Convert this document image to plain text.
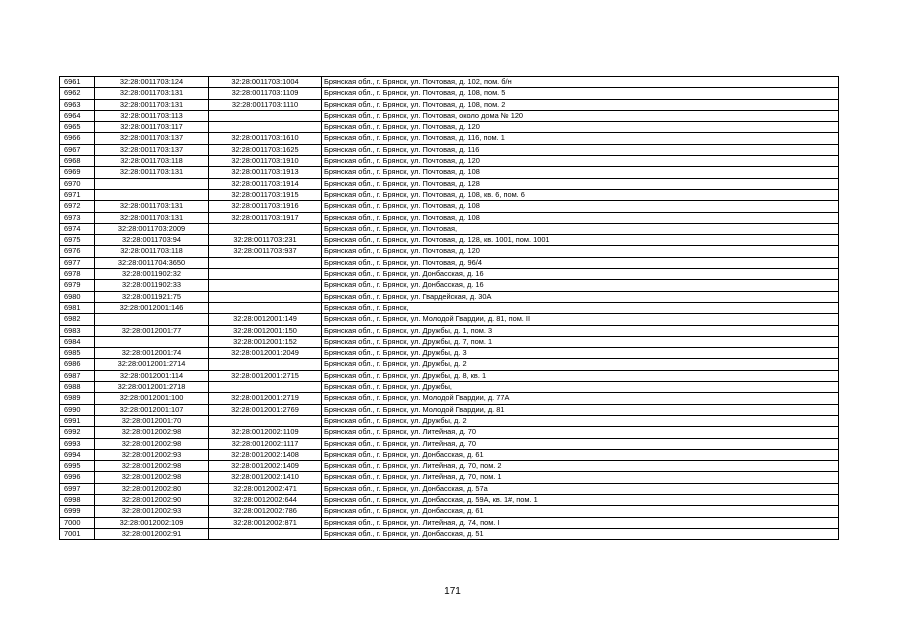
6961	32:28:0011703:124	32:28:0011703:1004	Брянская обл., г. Брянск, ул. Почтовая, д. 102, пом. б/н
6962	32:28:0011703:131	32:28:0011703:1109	Брянская обл., г. Брянск, ул. Почтовая, д. 108, пом. 5
6963	32:28:0011703:131	32:28:0011703:1110	Брянская обл., г. Брянск, ул. Почтовая, д. 108, пом. 2
6964	32:28:0011703:113		Брянская обл., г. Брянск, ул. Почтовая, около дома № 120
6965	32:28:0011703:117		Брянская обл., г. Брянск, ул. Почтовая, д. 120
6966	32:28:0011703:137	32:28:0011703:1610	Брянская обл., г. Брянск, ул. Почтовая, д. 116, пом. 1
6967	32:28:0011703:137	32:28:0011703:1625	Брянская обл., г. Брянск, ул. Почтовая, д. 116
6968	32:28:0011703:118	32:28:0011703:1910	Брянская обл., г. Брянск, ул. Почтовая, д. 120
6969	32:28:0011703:131	32:28:0011703:1913	Брянская обл., г. Брянск, ул. Почтовая, д. 108
6970		32:28:0011703:1914	Брянская обл., г. Брянск, ул. Почтовая, д. 128
6971		32:28:0011703:1915	Брянская обл., г. Брянск, ул. Почтовая, д. 108, кв. 6, пом. 6
6972	32:28:0011703:131	32:28:0011703:1916	Брянская обл., г. Брянск, ул. Почтовая, д. 108
6973	32:28:0011703:131	32:28:0011703:1917	Брянская обл., г. Брянск, ул. Почтовая, д. 108
6974	32:28:0011703:2009		Брянская обл., г. Брянск, ул. Почтовая,
6975	32:28:0011703:94	32:28:0011703:231	Брянская обл., г. Брянск, ул. Почтовая, д. 128, кв. 1001, пом. 1001
6976	32:28:0011703:118	32:28:0011703:937	Брянская обл., г. Брянск, ул. Почтовая, д. 120
6977	32:28:0011704:3650		Брянская обл., г. Брянск, ул. Почтовая, д. 96/4
6978	32:28:0011902:32		Брянская обл., г. Брянск, ул. Донбасская, д. 16
6979	32:28:0011902:33		Брянская обл., г. Брянск, ул. Донбасская, д. 16
6980	32:28:0011921:75		Брянская обл., г. Брянск, ул. Гвардейская, д. 30А
6981	32:28:0012001:146		Брянская обл., г. Брянск,
6982		32:28:0012001:149	Брянская обл., г. Брянск, ул. Молодой Гвардии, д. 81, пом. II
6983	32:28:0012001:77	32:28:0012001:150	Брянская обл., г. Брянск, ул. Дружбы, д. 1, пом. 3
6984		32:28:0012001:152	Брянская обл., г. Брянск, ул. Дружбы, д. 7, пом. 1
6985	32:28:0012001:74	32:28:0012001:2049	Брянская обл., г. Брянск, ул. Дружбы, д. 3
6986	32:28:0012001:2714		Брянская обл., г. Брянск, ул. Дружбы, д. 2
6987	32:28:0012001:114	32:28:0012001:2715	Брянская обл., г. Брянск, ул. Дружбы, д. 8, кв. 1
6988	32:28:0012001:2718		Брянская обл., г. Брянск, ул. Дружбы,
6989	32:28:0012001:100	32:28:0012001:2719	Брянская обл., г. Брянск, ул. Молодой Гвардии, д. 77А
6990	32:28:0012001:107	32:28:0012001:2769	Брянская обл., г. Брянск, ул. Молодой Гвардии, д. 81
6991	32:28:0012001:70		Брянская обл., г. Брянск, ул. Дружбы, д. 2
6992	32:28:0012002:98	32:28:0012002:1109	Брянская обл., г. Брянск, ул. Литейная, д. 70
6993	32:28:0012002:98	32:28:0012002:1117	Брянская обл., г. Брянск, ул. Литейная, д. 70
6994	32:28:0012002:93	32:28:0012002:1408	Брянская обл., г. Брянск, ул. Донбасская, д. 61
6995	32:28:0012002:98	32:28:0012002:1409	Брянская обл., г. Брянск, ул. Литейная, д. 70, пом. 2
6996	32:28:0012002:98	32:28:0012002:1410	Брянская обл., г. Брянск, ул. Литейная, д. 70, пом. 1
6997	32:28:0012002:80	32:28:0012002:471	Брянская обл., г. Брянск, ул. Донбасская, д. 57а
6998	32:28:0012002:90	32:28:0012002:644	Брянская обл., г. Брянск, ул. Донбасская, д. 59А, кв. 1#, пом. 1
6999	32:28:0012002:93	32:28:0012002:786	Брянская обл., г. Брянск, ул. Донбасская, д. 61
7000	32:28:0012002:109	32:28:0012002:871	Брянская обл., г. Брянск, ул. Литейная, д. 74, пом. I
7001	32:28:0012002:91		Брянская обл., г. Брянск, ул. Донбасская, д. 51
171
